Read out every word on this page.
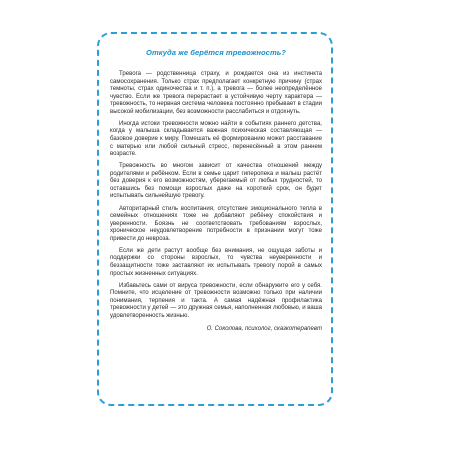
Откуда же берётся тревожность?

Тревога — родственница страху, и рождается она из инстинкта самосохранения. Только страх предполагает конкретную причину (страх темноты, страх одиночества и т. п.), а тревога — более неопределённое чувство. Если же тревога перерастает в устойчивую черту характера — тревожность, то нервная система человека постоянно пребывает в стадии высокой мобилизации, без возможности расслабиться и отдохнуть.

Иногда истоки тревожности можно найти в событиях раннего детства, когда у малыша складывается важная психическая составляющая — базовое доверие к миру. Помешать её формированию может расставание с матерью или любой сильный стресс, перенесённый в этом раннем возрасте.

Тревожность во многом зависит от качества отношений между родителями и ребёнком. Если в семье царит гиперопека и малыш растёт без доверия к его возможностям, уберегаемый от любых трудностей, то оставшись без помощи взрослых даже на короткий срок, он будет испытывать сильнейшую тревогу.

Авторитарный стиль воспитания, отсутствие эмоционального тепла в семейных отношениях тоже не добавляют ребёнку спокойствия и уверенности. Боязнь не соответствовать требованиям взрослых, хроническое неудовлетворение потребности в признании могут тоже привести до невроза.

Если же дети растут вообще без внимания, не ощущая заботы и поддержки со стороны взрослых, то чувства неуверенности и беззащитности тоже заставляют их испытывать тревогу порой в самых простых жизненных ситуациях.

Избавьтесь сами от вируса тревожности, если обнаружите его у себя. Помните, что исцеление от тревожности возможно только при наличии понимания, терпения и такта. А самая надёжная профилактика тревожности у детей — это дружная семья, наполненная любовью, и ваша удовлетворенность жизнью.

О. Соколова, психолог, сказкотерапевт
